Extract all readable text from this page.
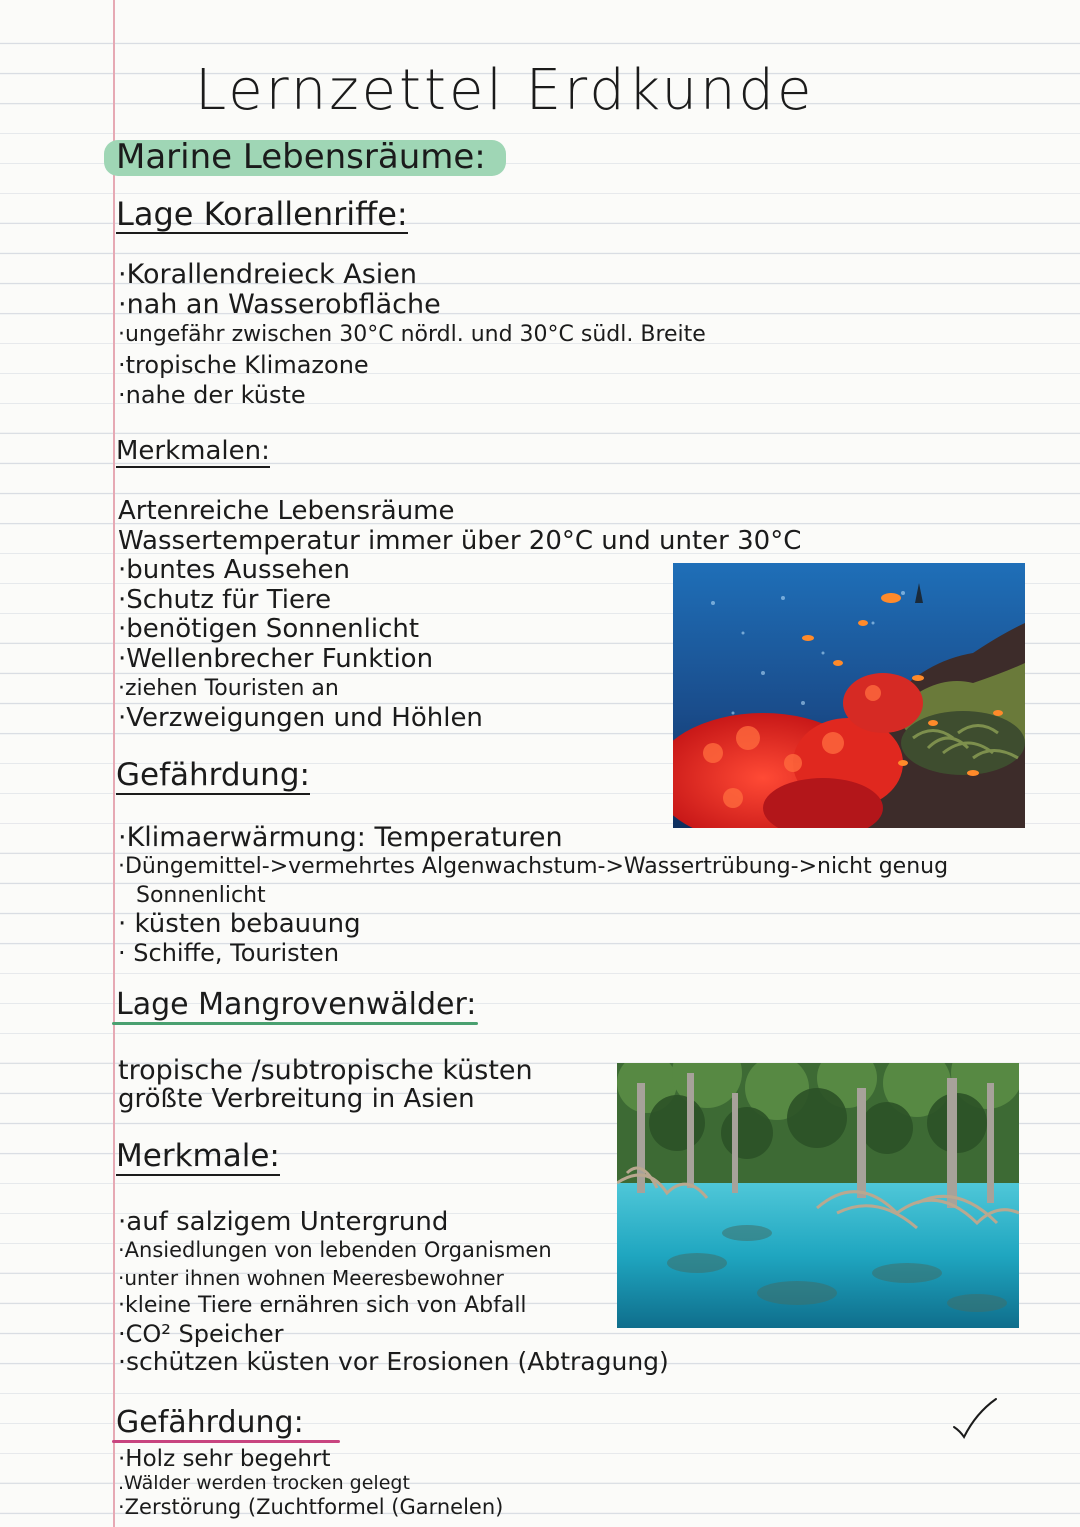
Lernzettel Erdkunde
Marine Lebensräume:
Lage Korallenriffe:
·Korallendreieck Asien
·nah an Wasserobfläche
·ungefähr zwischen 30°C nördl. und 30°C südl. Breite
·tropische Klimazone
·nahe der küste
Merkmalen:
Artenreiche Lebensräume
Wassertemperatur immer über 20°C und unter 30°C
·buntes Aussehen
·Schutz für Tiere
·benötigen Sonnenlicht
·Wellenbrecher Funktion
·ziehen Touristen an
·Verzweigungen und Höhlen
Gefährdung:
·Klimaerwärmung: Temperaturen
·Düngemittel->vermehrtes Algenwachstum->Wassertrübung->nicht genug
Sonnenlicht
· küsten bebauung
· Schiffe, Touristen
Lage Mangrovenwälder:
tropische /subtropische küsten
größte Verbreitung in Asien
Merkmale:
·auf salzigem Untergrund
·Ansiedlungen von lebenden Organismen
·unter ihnen wohnen Meeresbewohner
·kleine Tiere ernähren sich von Abfall
·CO² Speicher
·schützen küsten vor Erosionen (Abtragung)
Gefährdung:
·Holz sehr begehrt
.Wälder werden trocken gelegt
·Zerstörung (Zuchtformel (Garnelen)
